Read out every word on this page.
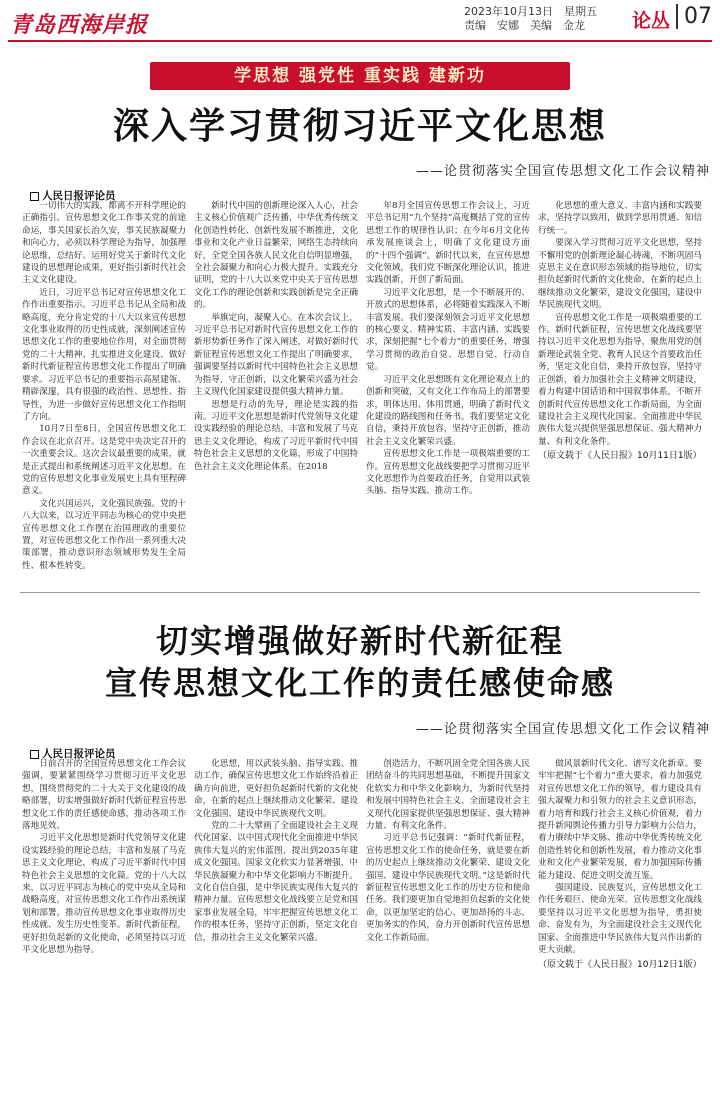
青岛西海岸报
2023年10月13日　 星期五
责编　安娜　美编　金龙	论丛 07
学思想 强党性 重实践 建新功
深入学习贯彻习近平文化思想
——论贯彻落实全国宣传思想文化工作会议精神
人民日报评论员

一切伟大的实践，都离不开科学理论的正确指引。宣传思想文化工作事关党的前途命运，事关国家长治久安，事关民族凝聚力和向心力，必须以科学理论为指导，加强理论思维，总结好、运用好党关于新时代文化建设的思想理论成果，更好指引新时代社会主义文化建设。

近日，习近平总书记对宣传思想文化工作作出重要指示。习近平总书记从全局和战略高度，充分肯定党的十八大以来宣传思想文化事业取得的历史性成就，深刻阐述宣传思想文化工作的重要地位作用，对全面贯彻党的二十大精神、扎实推进文化建设、做好新时代新征程宣传思想文化工作提出了明确要求。习近平总书记的重要指示高屋建瓴、精辟深邃，具有很强的政治性、思想性、指导性，为进一步做好宣传思想文化工作指明了方向。

10月7日至8日，全国宣传思想文化工作会议在北京召开。这是党中央决定召开的一次重要会议。这次会议最重要的成果，就是正式提出和系统阐述习近平文化思想。在党的宣传思想文化事业发展史上具有里程碑意义。

文化兴国运兴，文化强民族强。党的十八大以来，以习近平同志为核心的党中央把宣传思想文化工作摆在治国理政的重要位置，对宣传思想文化工作作出一系列重大决策部署，推动意识形态领域形势发生全局性、根本性转变。

新时代中国的创新理论深入人心，社会主义核心价值观广泛传播，中华优秀传统文化创造性转化、创新性发展不断推进，文化事业和文化产业日益繁荣，网络生态持续向好，全党全国各族人民文化自信明显增强，全社会凝聚力和向心力极大提升。实践充分证明，党的十八大以来党中央关于宣传思想文化工作的理论创新和实践创新是完全正确的。

举旗定向，凝聚人心。在本次会议上，习近平总书记对新时代宣传思想文化工作的新形势新任务作了深入阐述，对做好新时代新征程宣传思想文化工作提出了明确要求，强调要坚持以新时代中国特色社会主义思想为指导，守正创新，以文化繁荣兴盛为社会主义现代化国家建设提供强大精神力量。

思想是行动的先导，理论是实践的指南。习近平文化思想是新时代党领导文化建设实践经验的理论总结，丰富和发展了马克思主义文化理论，构成了习近平新时代中国特色社会主义思想的文化篇，形成了中国特色社会主义文化理论体系。在2018

年8月全国宣传思想工作会议上，习近平总书记用“九个坚持”高度概括了党的宣传思想工作的规律性认识；在今年6月文化传承发展座谈会上，明确了文化建设方面的“十四个强调”。新时代以来，在宣传思想文化领域，我们党不断深化理论认识，推进实践创新，开创了新局面。

习近平文化思想，是一个不断展开的、开放式的思想体系，必将随着实践深入不断丰富发展。我们要深刻领会习近平文化思想的核心要义、精神实质、丰富内涵、实践要求，深刻把握“七个着力”的重要任务，增强学习贯彻的政治自觉、思想自觉、行动自觉。

习近平文化思想既有文化理论观点上的创新和突破，又有文化工作布局上的部署要求，明体达用、体用贯通，明确了新时代文化建设的路线图和任务书。我们要坚定文化自信，秉持开放包容，坚持守正创新，推动社会主义文化繁荣兴盛。

宣传思想文化工作是一项极端重要的工作。宣传思想文化战线要把学习贯彻习近平文化思想作为首要政治任务，自觉用以武装头脑、指导实践、推动工作。

化思想的重大意义、丰富内涵和实践要求，坚持学以致用，做到学思用贯通、知信行统一。

要深入学习贯彻习近平文化思想，坚持不懈用党的创新理论凝心铸魂，不断巩固马克思主义在意识形态领域的指导地位，切实担负起新时代新的文化使命，在新的起点上继续推动文化繁荣，建设文化强国，建设中华民族现代文明。

宣传思想文化工作是一项极端重要的工作。新时代新征程，宣传思想文化战线要坚持以习近平文化思想为指导，聚焦用党的创新理论武装全党、教育人民这个首要政治任务，坚定文化自信，秉持开放包容，坚持守正创新，着力加强社会主义精神文明建设，着力构建中国话语和中国叙事体系，不断开创新时代宣传思想文化工作新局面，为全面建设社会主义现代化国家、全面推进中华民族伟大复兴提供坚强思想保证、强大精神力量、有利文化条件。

（原文载于《人民日报》10月11日1版）
切实增强做好新时代新征程
宣传思想文化工作的责任感使命感
——论贯彻落实全国宣传思想文化工作会议精神
人民日报评论员

日前召开的全国宣传思想文化工作会议强调，要紧紧围绕学习贯彻习近平文化思想，围绕贯彻党的二十大关于文化建设的战略部署，切实增强做好新时代新征程宣传思想文化工作的责任感使命感，推动各项工作落地见效。

习近平文化思想是新时代党领导文化建设实践经验的理论总结，丰富和发展了马克思主义文化理论，构成了习近平新时代中国特色社会主义思想的文化篇。党的十八大以来，以习近平同志为核心的党中央从全局和战略高度，对宣传思想文化工作作出系统谋划和部署，推动宣传思想文化事业取得历史性成就、发生历史性变革。新时代新征程，更好担负起新的文化使命，必须坚持以习近平文化思想为指导。

化思想，用以武装头脑、指导实践、推动工作，确保宣传思想文化工作始终沿着正确方向前进，更好担负起新时代新的文化使命，在新的起点上继续推动文化繁荣、建设文化强国、建设中华民族现代文明。

党的二十大擘画了全面建设社会主义现代化国家、以中国式现代化全面推进中华民族伟大复兴的宏伟蓝图，提出到2035年建成文化强国。国家文化软实力显著增强，中华民族凝聚力和中华文化影响力不断提升。文化自信自强，是中华民族实现伟大复兴的精神力量。宣传思想文化战线要立足党和国家事业发展全局，牢牢把握宣传思想文化工作的根本任务，坚持守正创新，坚定文化自信，推动社会主义文化繁荣兴盛。

创造活力，不断巩固全党全国各族人民团结奋斗的共同思想基础，不断提升国家文化软实力和中华文化影响力，为新时代坚持和发展中国特色社会主义、全面建设社会主义现代化国家提供坚强思想保证、强大精神力量、有利文化条件。

习近平总书记强调：“新时代新征程，宣传思想文化工作的使命任务，就是要在新的历史起点上继续推动文化繁荣、建设文化强国、建设中华民族现代文明。”这是新时代新征程宣传思想文化工作的历史方位和使命任务。我们要更加自觉地担负起新的文化使命，以更加坚定的信心、更加昂扬的斗志、更加务实的作风，奋力开创新时代宣传思想文化工作新局面。

做风景新时代文化、谱写文化新章。要牢牢把握“七个着力”重大要求，着力加强党对宣传思想文化工作的领导，着力建设具有强大凝聚力和引领力的社会主义意识形态，着力培育和践行社会主义核心价值观，着力提升新闻舆论传播力引导力影响力公信力，着力赓续中华文脉、推动中华优秀传统文化创造性转化和创新性发展，着力推动文化事业和文化产业繁荣发展，着力加强国际传播能力建设、促进文明交流互鉴。

强国建设、民族复兴，宣传思想文化工作任务艰巨、使命光荣。宣传思想文化战线要坚持以习近平文化思想为指导，勇担使命、奋发有为，为全面建设社会主义现代化国家、全面推进中华民族伟大复兴作出新的更大贡献。

（原文载于《人民日报》10月12日1版）
